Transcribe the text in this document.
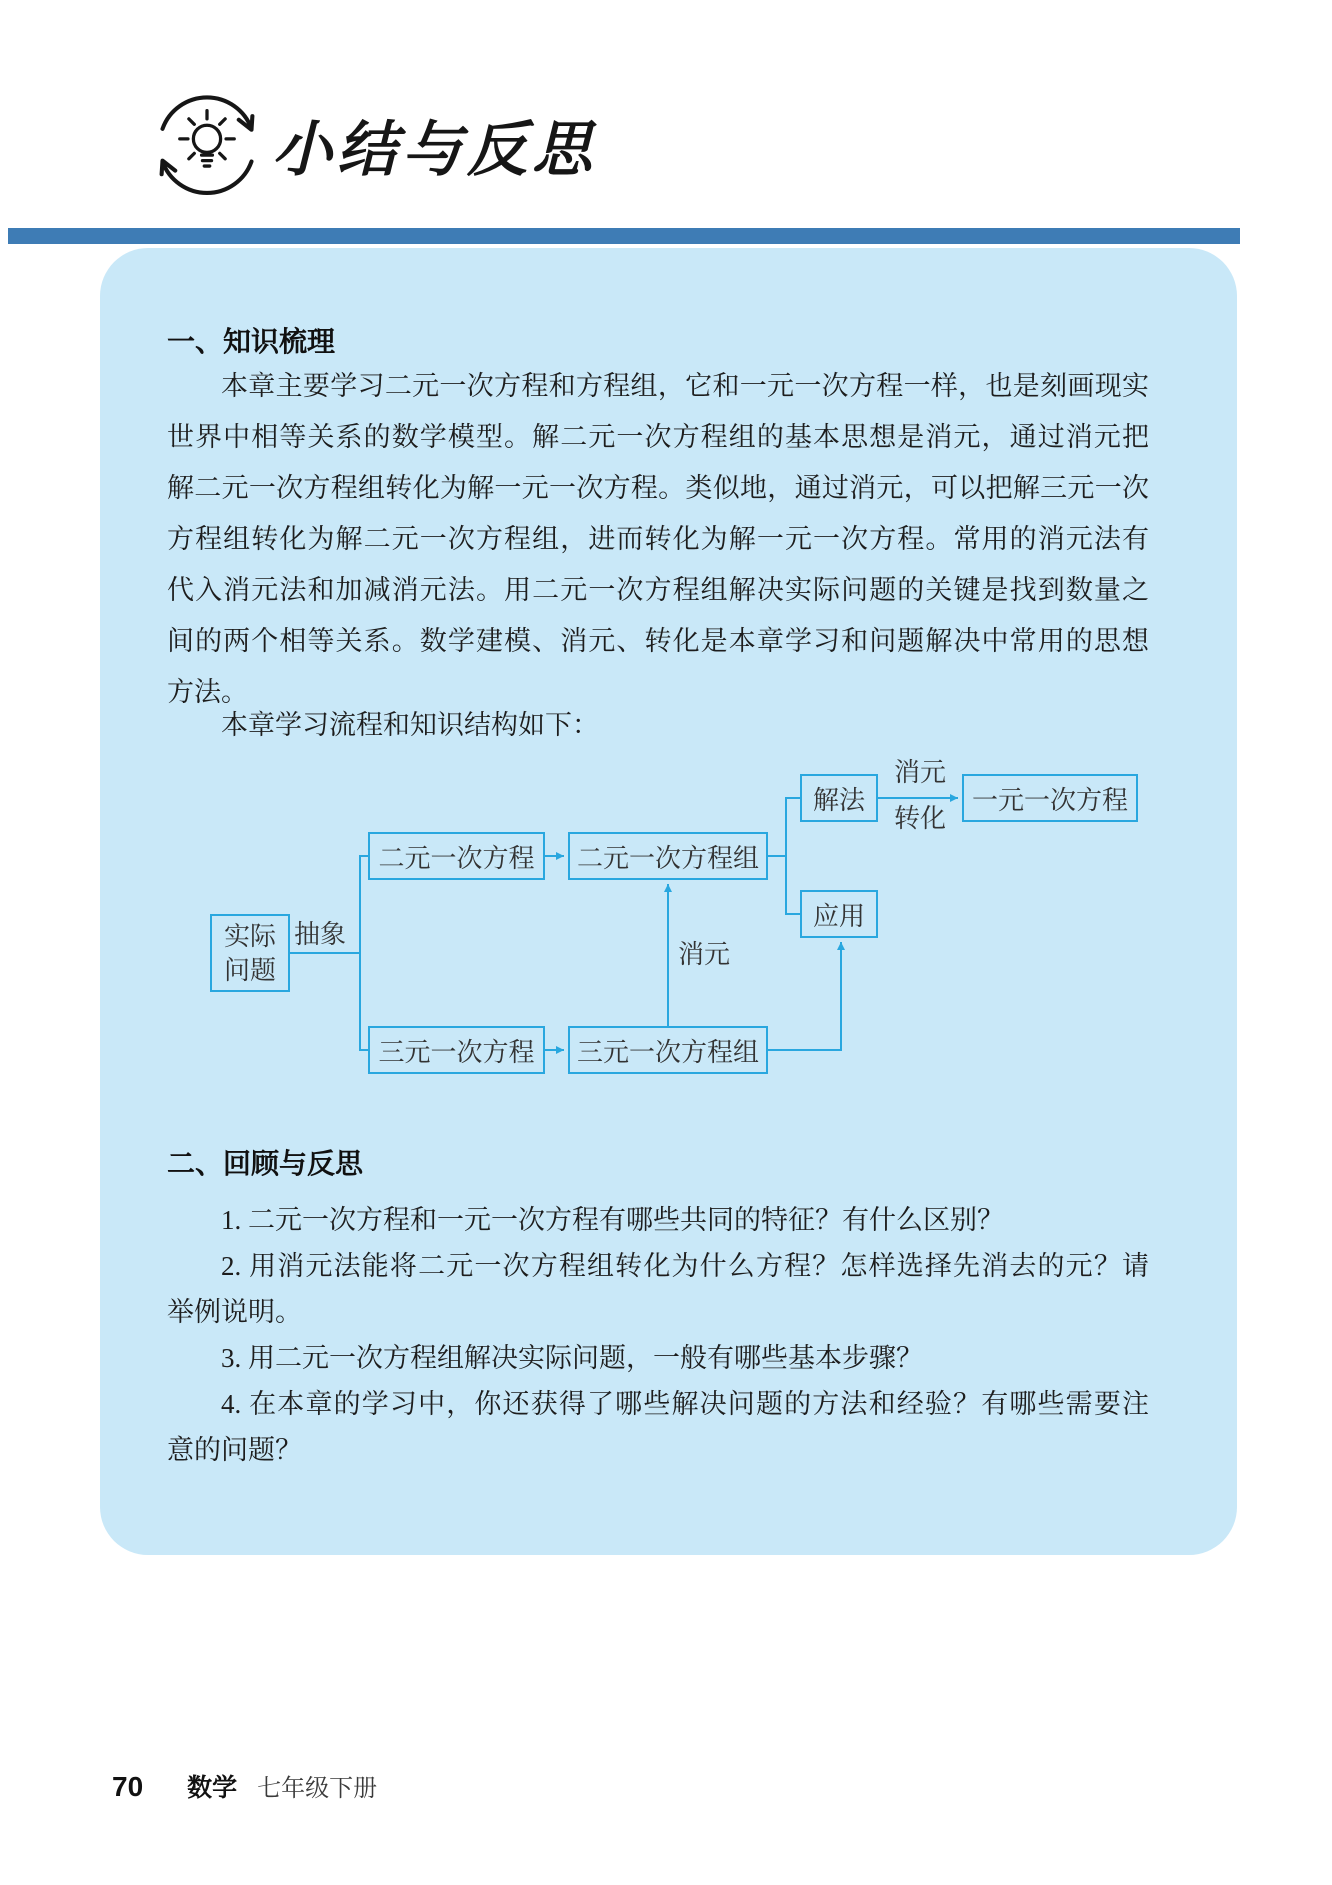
小结与反思
一、知识梳理
本章主要学习二元一次方程和方程组，它和一元一次方程一样，也是刻画现实
世界中相等关系的数学模型。解二元一次方程组的基本思想是消元，通过消元把
解二元一次方程组转化为解一元一次方程。类似地，通过消元，可以把解三元一次
方程组转化为解二元一次方程组，进而转化为解一元一次方程。常用的消元法有
代入消元法和加减消元法。用二元一次方程组解决实际问题的关键是找到数量之
间的两个相等关系。数学建模、消元、转化是本章学习和问题解决中常用的思想
方法。
本章学习流程和知识结构如下：
实际
问题
二元一次方程	二元一次方程组
三元一次方程	三元一次方程组
解法
应用
一元一次方程
抽象
消元
消元
转化
二、回顾与反思
1. 二元一次方程和一元一次方程有哪些共同的特征？有什么区别？
2. 用消元法能将二元一次方程组转化为什么方程？怎样选择先消去的元？请
举例说明。
3. 用二元一次方程组解决实际问题，一般有哪些基本步骤？
4. 在本章的学习中，你还获得了哪些解决问题的方法和经验？有哪些需要注
意的问题？
70 数学 七年级下册
